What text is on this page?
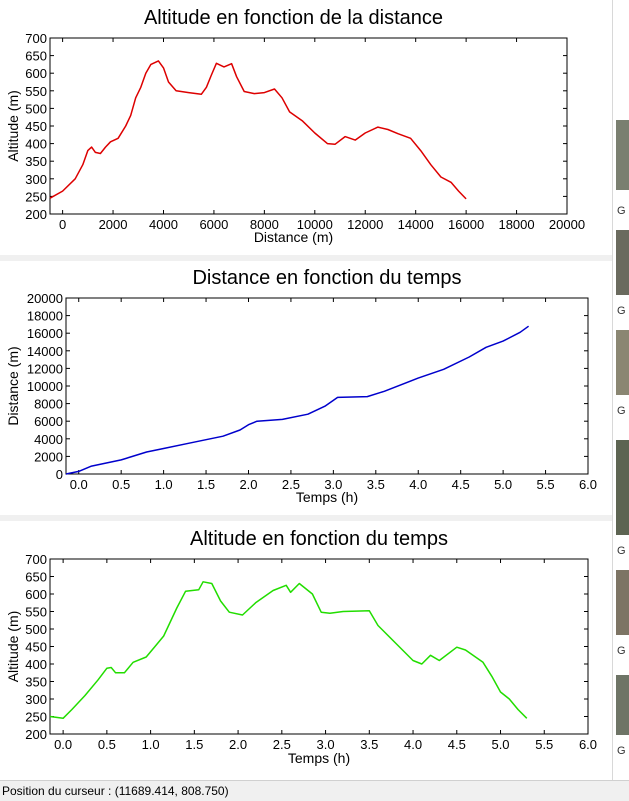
Altitude en fonction de la distance
200
250
300
350
400
450
500
550
600
650
700
0 2000 4000 6000 8000 10000 12000 14000 16000 18000 20000
Distance (m)
Altitude (m)
Distance en fonction du temps
0
2000
4000
6000
8000
10000
12000
14000
16000
18000
20000
0.0 0.5 1.0 1.5 2.0 2.5 3.0 3.5 4.0 4.5 5.0 5.5 6.0
Temps (h)
Distance (m)
Altitude en fonction du temps
200
250
300
350
400
450
500
550
600
650
700
0.0 0.5 1.0 1.5 2.0 2.5 3.0 3.5 4.0 4.5 5.0 5.5 6.0
Temps (h)
Altitude (m)
G
G
G
G
G
G
Position du curseur : (11689.414, 808.750)
